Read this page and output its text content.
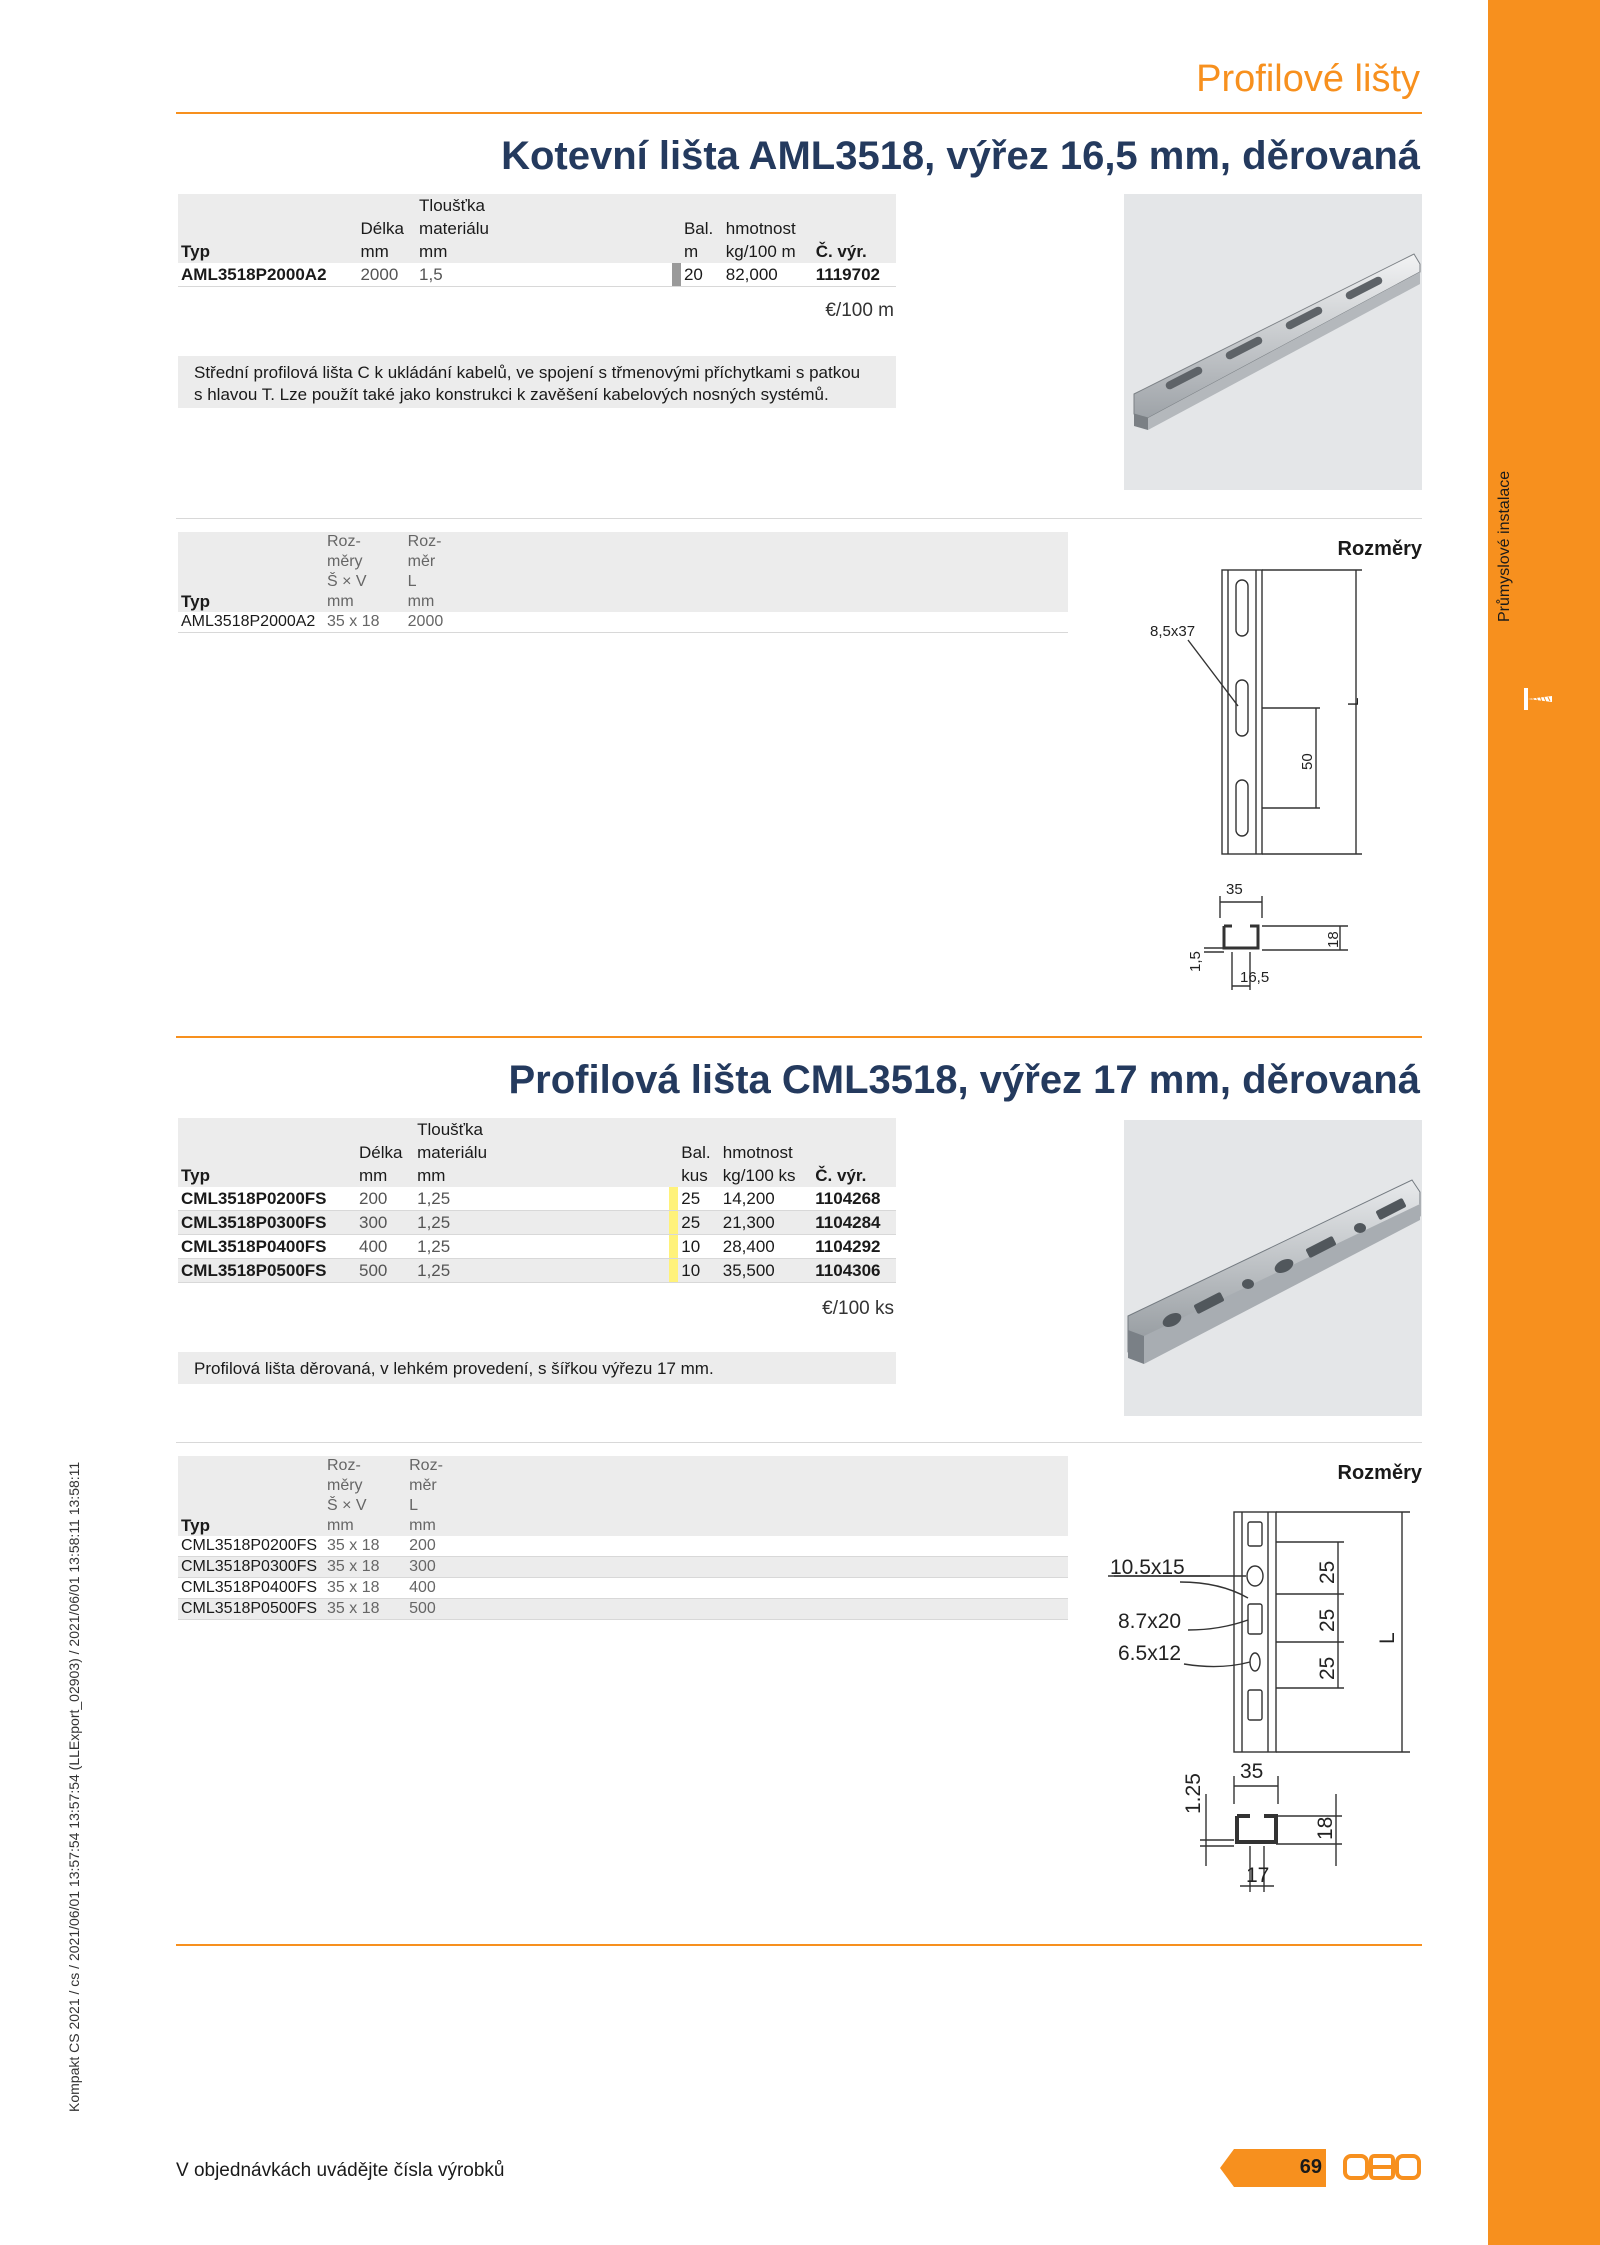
Průmyslové instalace
Kompakt CS 2021 / cs / 2021/06/01 13:57:54 13:57:54 (LLExport_02903) / 2021/06/01 13:58:11 13:58:11
Profilové lišty
Kotevní lišta AML3518, výřez 16,5 mm, děrovaná
		Tloušťka					
	Délka	materiálu			Bal.	hmotnost	
Typ	mm	mm			m	kg/100 m	Č. výr.
AML3518P2000A2	2000	1,5			20	82,000	1119702
€/100 m
Střední profilová lišta C k ukládání kabelů, ve spojení s třmenovými příchytkami s patkou
s hlavou T. Lze použít také jako konstrukci k zavěšení kabelových nosných systémů.
	Roz-	Roz-	
	měry	měr	
	Š × V	L	
Typ	mm	mm	
AML3518P2000A2	35 x 18	2000	
Rozměry
8,5x37
35
16,5
L
50
18
1,5
Profilová lišta CML3518, výřez 17 mm, děrovaná
		Tloušťka					
	Délka	materiálu			Bal.	hmotnost	
Typ	mm	mm			kus	kg/100 ks	Č. výr.
CML3518P0200FS	200	1,25			25	14,200	1104268
CML3518P0300FS	300	1,25			25	21,300	1104284
CML3518P0400FS	400	1,25			10	28,400	1104292
CML3518P0500FS	500	1,25			10	35,500	1104306
€/100 ks
Profilová lišta děrovaná, v lehkém provedení, s šířkou výřezu 17 mm.
	Roz-	Roz-	
	měry	měr	
	Š × V	L	
Typ	mm	mm	
CML3518P0200FS	35 x 18	200	
CML3518P0300FS	35 x 18	300	
CML3518P0400FS	35 x 18	400	
CML3518P0500FS	35 x 18	500	
Rozměry
10.5x15
8.7x20
6.5x12
35
17
L
25
25
25
18
1.25
V objednávkách uvádějte čísla výrobků	69
